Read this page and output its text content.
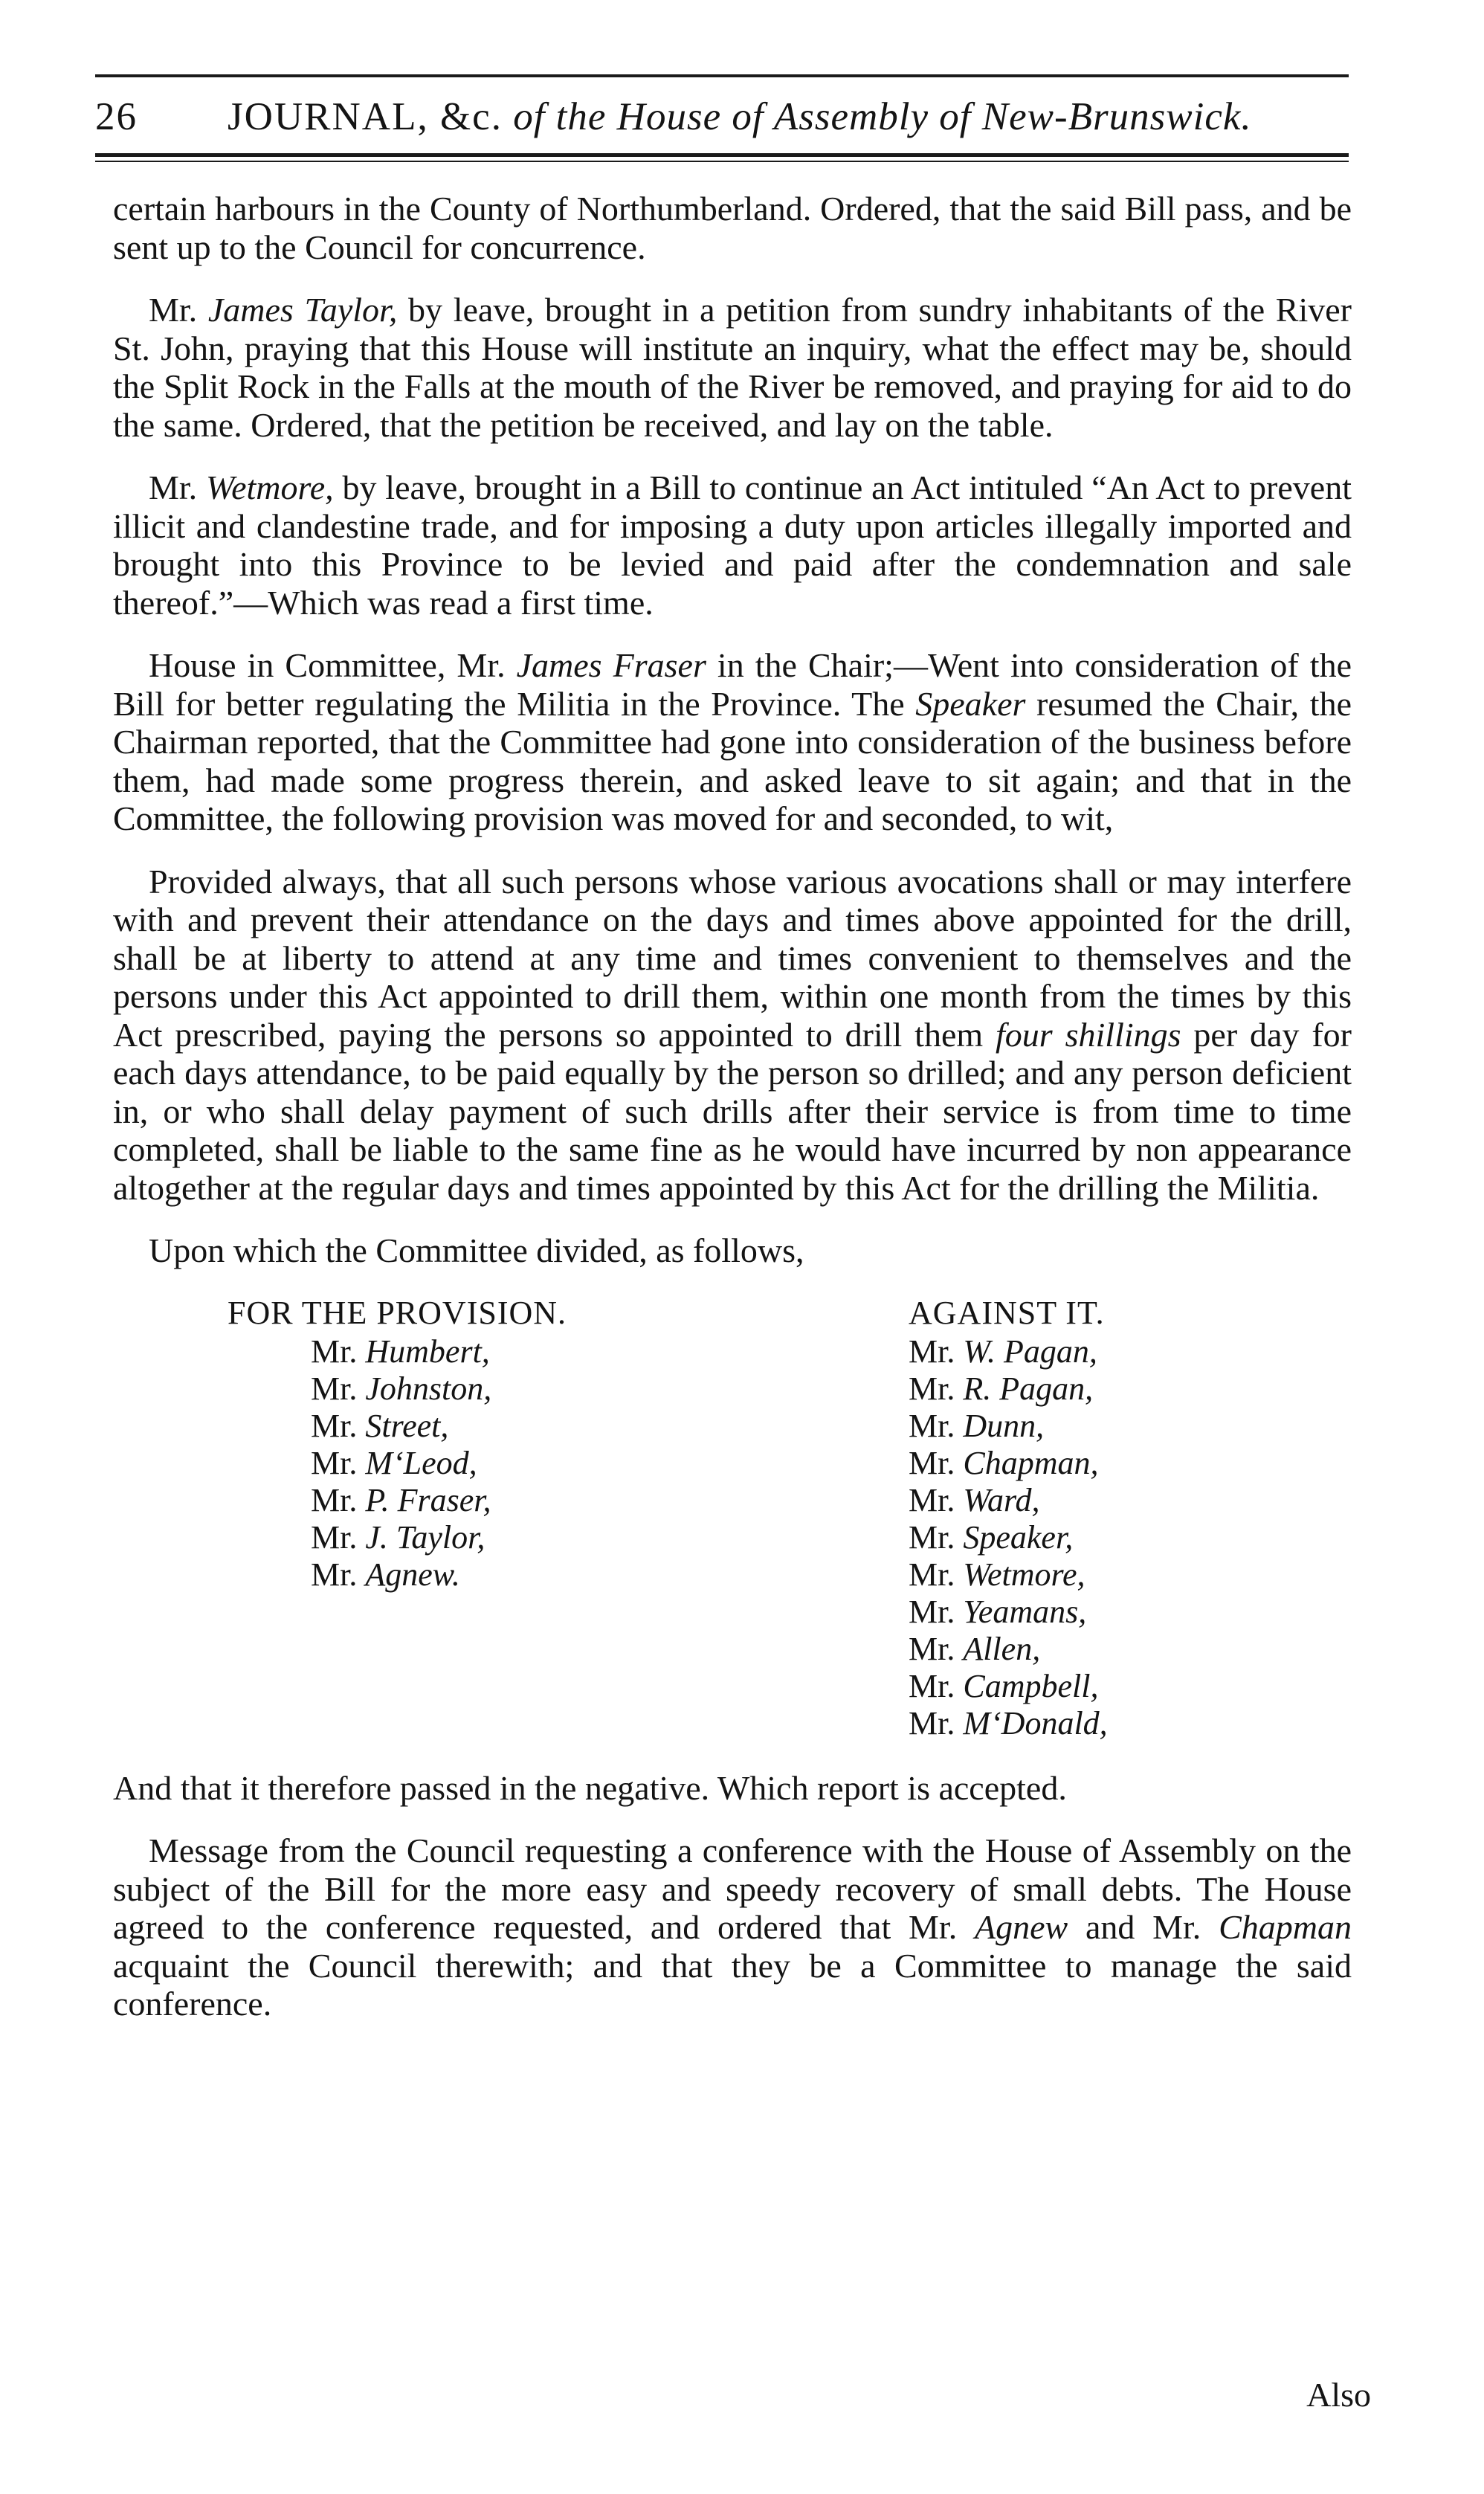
26 JOURNAL, &c. of the House of Assembly of New-Brunswick.

certain harbours in the County of Northumberland. Ordered, that the said Bill pass, and be sent up to the Council for concurrence.

Mr. James Taylor, by leave, brought in a petition from sundry inhabitants of the River St. John, praying that this House will institute an inquiry, what the effect may be, should the Split Rock in the Falls at the mouth of the River be removed, and praying for aid to do the same. Ordered, that the petition be received, and lay on the table.

Mr. Wetmore, by leave, brought in a Bill to continue an Act intituled “An Act to prevent illicit and clandestine trade, and for imposing a duty upon articles illegally imported and brought into this Province to be levied and paid after the condemnation and sale thereof.”—Which was read a first time.

House in Committee, Mr. James Fraser in the Chair;—Went into consideration of the Bill for better regulating the Militia in the Province. The Speaker resumed the Chair, the Chairman reported, that the Committee had gone into consideration of the business before them, had made some progress therein, and asked leave to sit again; and that in the Committee, the following provision was moved for and seconded, to wit,

Provided always, that all such persons whose various avocations shall or may interfere with and prevent their attendance on the days and times above appointed for the drill, shall be at liberty to attend at any time and times convenient to themselves and the persons under this Act appointed to drill them, within one month from the times by this Act prescribed, paying the persons so appointed to drill them four shillings per day for each days attendance, to be paid equally by the person so drilled; and any person deficient in, or who shall delay payment of such drills after their service is from time to time completed, shall be liable to the same fine as he would have incurred by non appearance altogether at the regular days and times appointed by this Act for the drilling the Militia.

Upon which the Committee divided, as follows,

FOR THE PROVISION.
Mr. Humbert,
Mr. Johnston,
Mr. Street,
Mr. M‘Leod,
Mr. P. Fraser,
Mr. J. Taylor,
Mr. Agnew.
AGAINST IT.
Mr. W. Pagan,
Mr. R. Pagan,
Mr. Dunn,
Mr. Chapman,
Mr. Ward,
Mr. Speaker,
Mr. Wetmore,
Mr. Yeamans,
Mr. Allen,
Mr. Campbell,
Mr. M‘Donald,

And that it therefore passed in the negative. Which report is accepted.

Message from the Council requesting a conference with the House of Assembly on the subject of the Bill for the more easy and speedy recovery of small debts. The House agreed to the conference requested, and ordered that Mr. Agnew and Mr. Chapman acquaint the Council therewith; and that they be a Committee to manage the said conference.

Also
